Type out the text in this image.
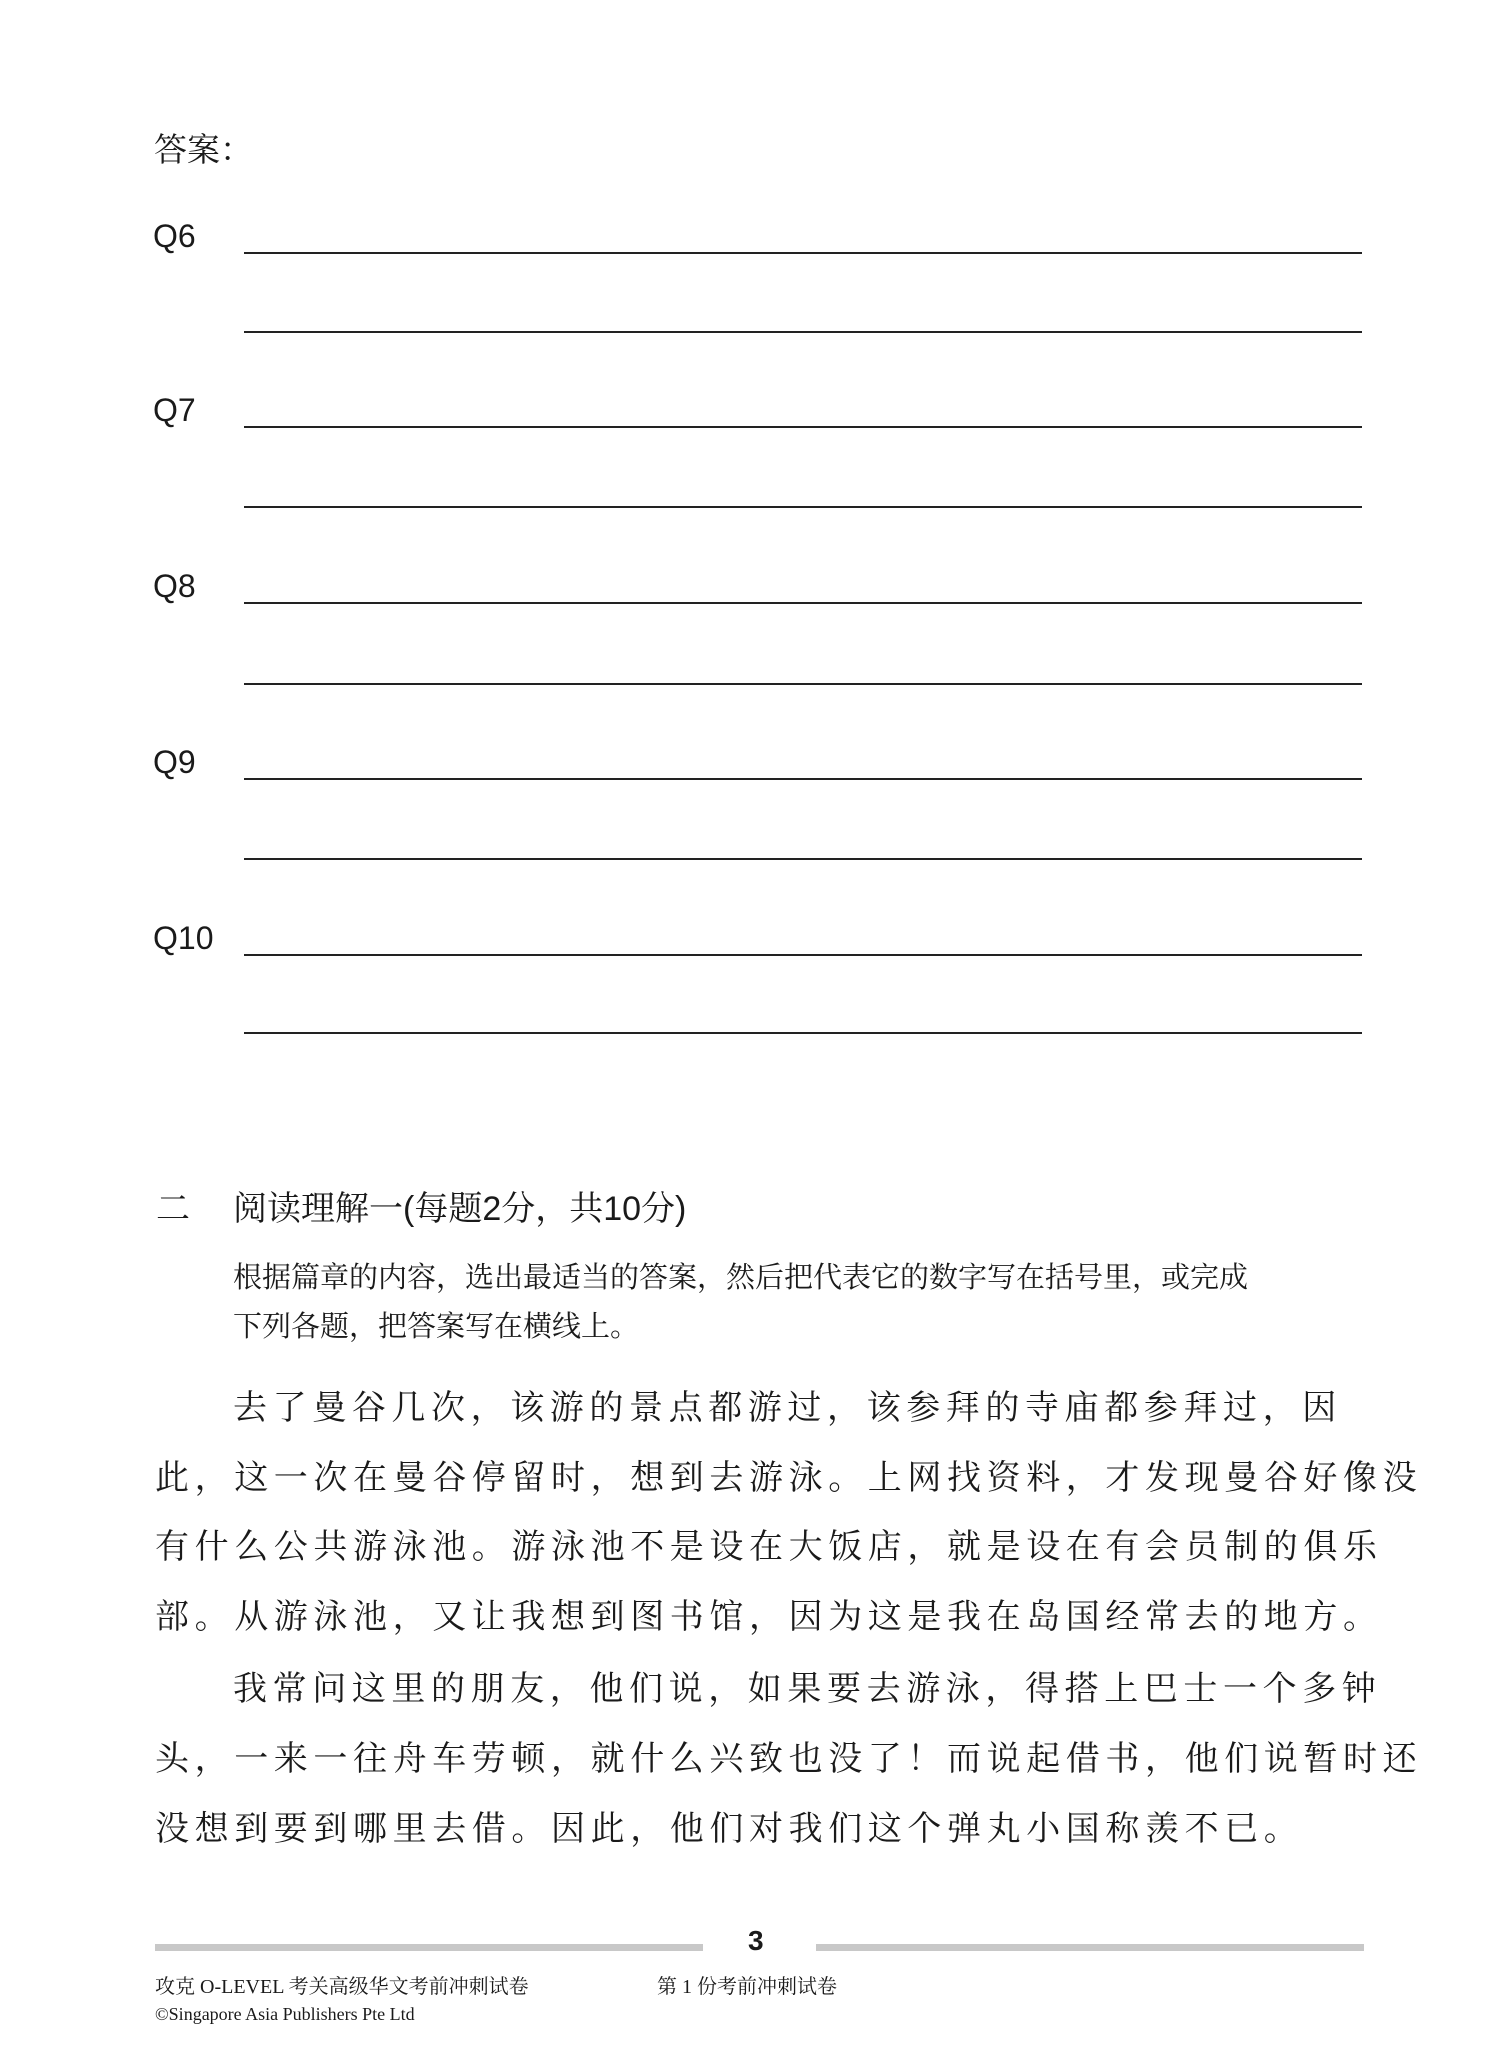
答案：
Q6
Q7
Q8
Q9
Q10
二 阅读理解一(每题2分，共10分)
根据篇章的内容，选出最适当的答案，然后把代表它的数字写在括号里，或完成
下列各题，把答案写在横线上。
去了曼谷几次，该游的景点都游过，该参拜的寺庙都参拜过，因
此，这一次在曼谷停留时，想到去游泳。上网找资料，才发现曼谷好像没
有什么公共游泳池。游泳池不是设在大饭店，就是设在有会员制的俱乐
部。从游泳池，又让我想到图书馆，因为这是我在岛国经常去的地方。
我常问这里的朋友，他们说，如果要去游泳，得搭上巴士一个多钟
头，一来一往舟车劳顿，就什么兴致也没了！而说起借书，他们说暂时还
没想到要到哪里去借。因此，他们对我们这个弹丸小国称羡不已。
3
攻克 O-LEVEL 考关高级华文考前冲刺试卷	第 1 份考前冲刺试卷
©Singapore Asia Publishers Pte Ltd
